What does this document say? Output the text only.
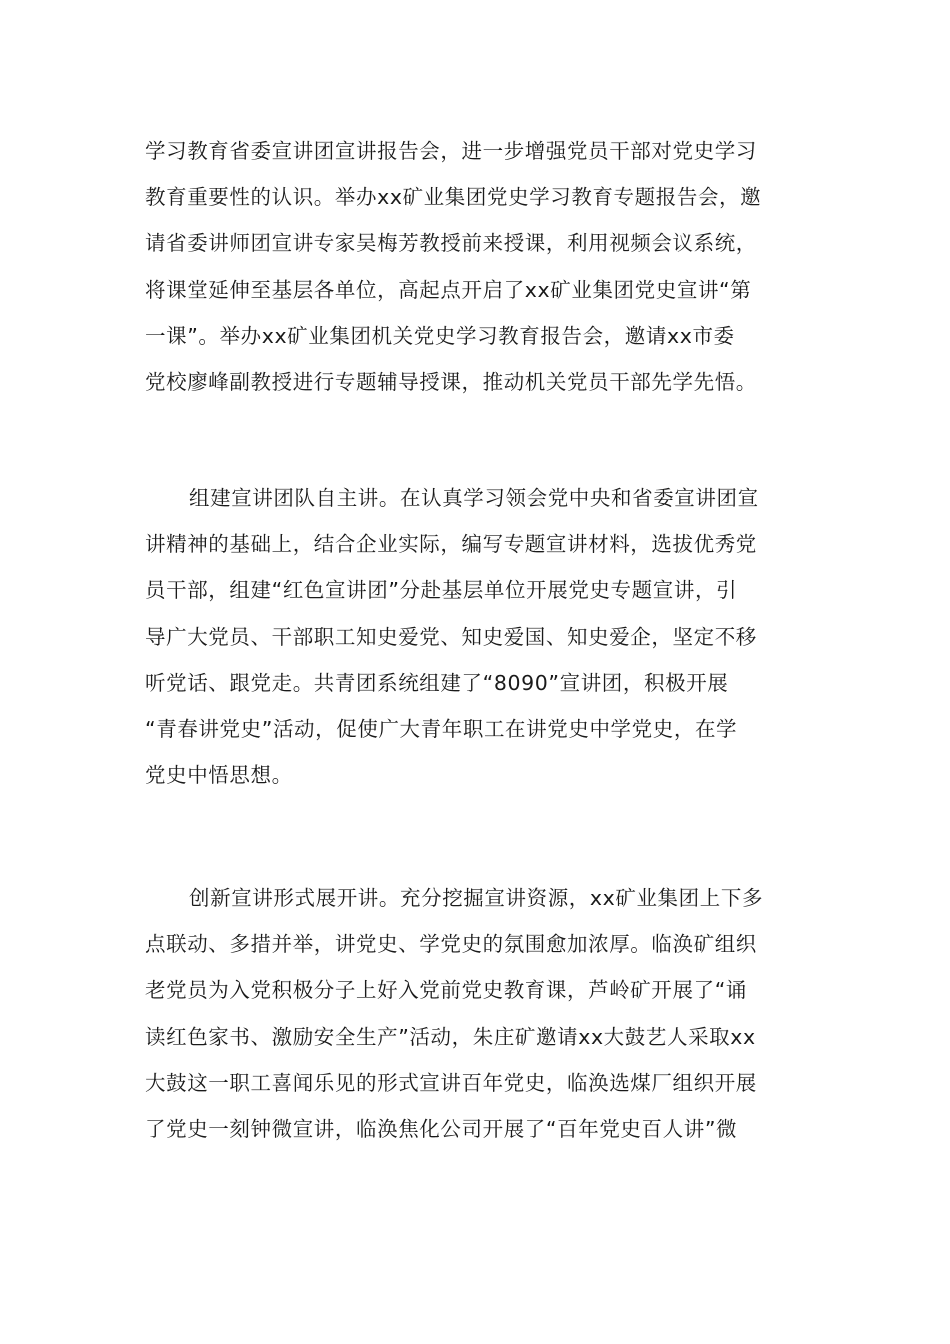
学习教育省委宣讲团宣讲报告会，进一步增强党员干部对党史学习
教育重要性的认识。举办xx矿业集团党史学习教育专题报告会，邀
请省委讲师团宣讲专家吴梅芳教授前来授课，利用视频会议系统，
将课堂延伸至基层各单位，高起点开启了xx矿业集团党史宣讲“第
一课”。举办xx矿业集团机关党史学习教育报告会，邀请xx市委
党校廖峰副教授进行专题辅导授课，推动机关党员干部先学先悟。
组建宣讲团队自主讲。在认真学习领会党中央和省委宣讲团宣
讲精神的基础上，结合企业实际，编写专题宣讲材料，选拔优秀党
员干部，组建“红色宣讲团”分赴基层单位开展党史专题宣讲，引
导广大党员、干部职工知史爱党、知史爱国、知史爱企，坚定不移
听党话、跟党走。共青团系统组建了“8090”宣讲团，积极开展
“青春讲党史”活动，促使广大青年职工在讲党史中学党史，在学
党史中悟思想。
创新宣讲形式展开讲。充分挖掘宣讲资源，xx矿业集团上下多
点联动、多措并举，讲党史、学党史的氛围愈加浓厚。临涣矿组织
老党员为入党积极分子上好入党前党史教育课，芦岭矿开展了“诵
读红色家书、激励安全生产”活动，朱庄矿邀请xx大鼓艺人采取xx
大鼓这一职工喜闻乐见的形式宣讲百年党史，临涣选煤厂组织开展
了党史一刻钟微宣讲，临涣焦化公司开展了“百年党史百人讲”微
